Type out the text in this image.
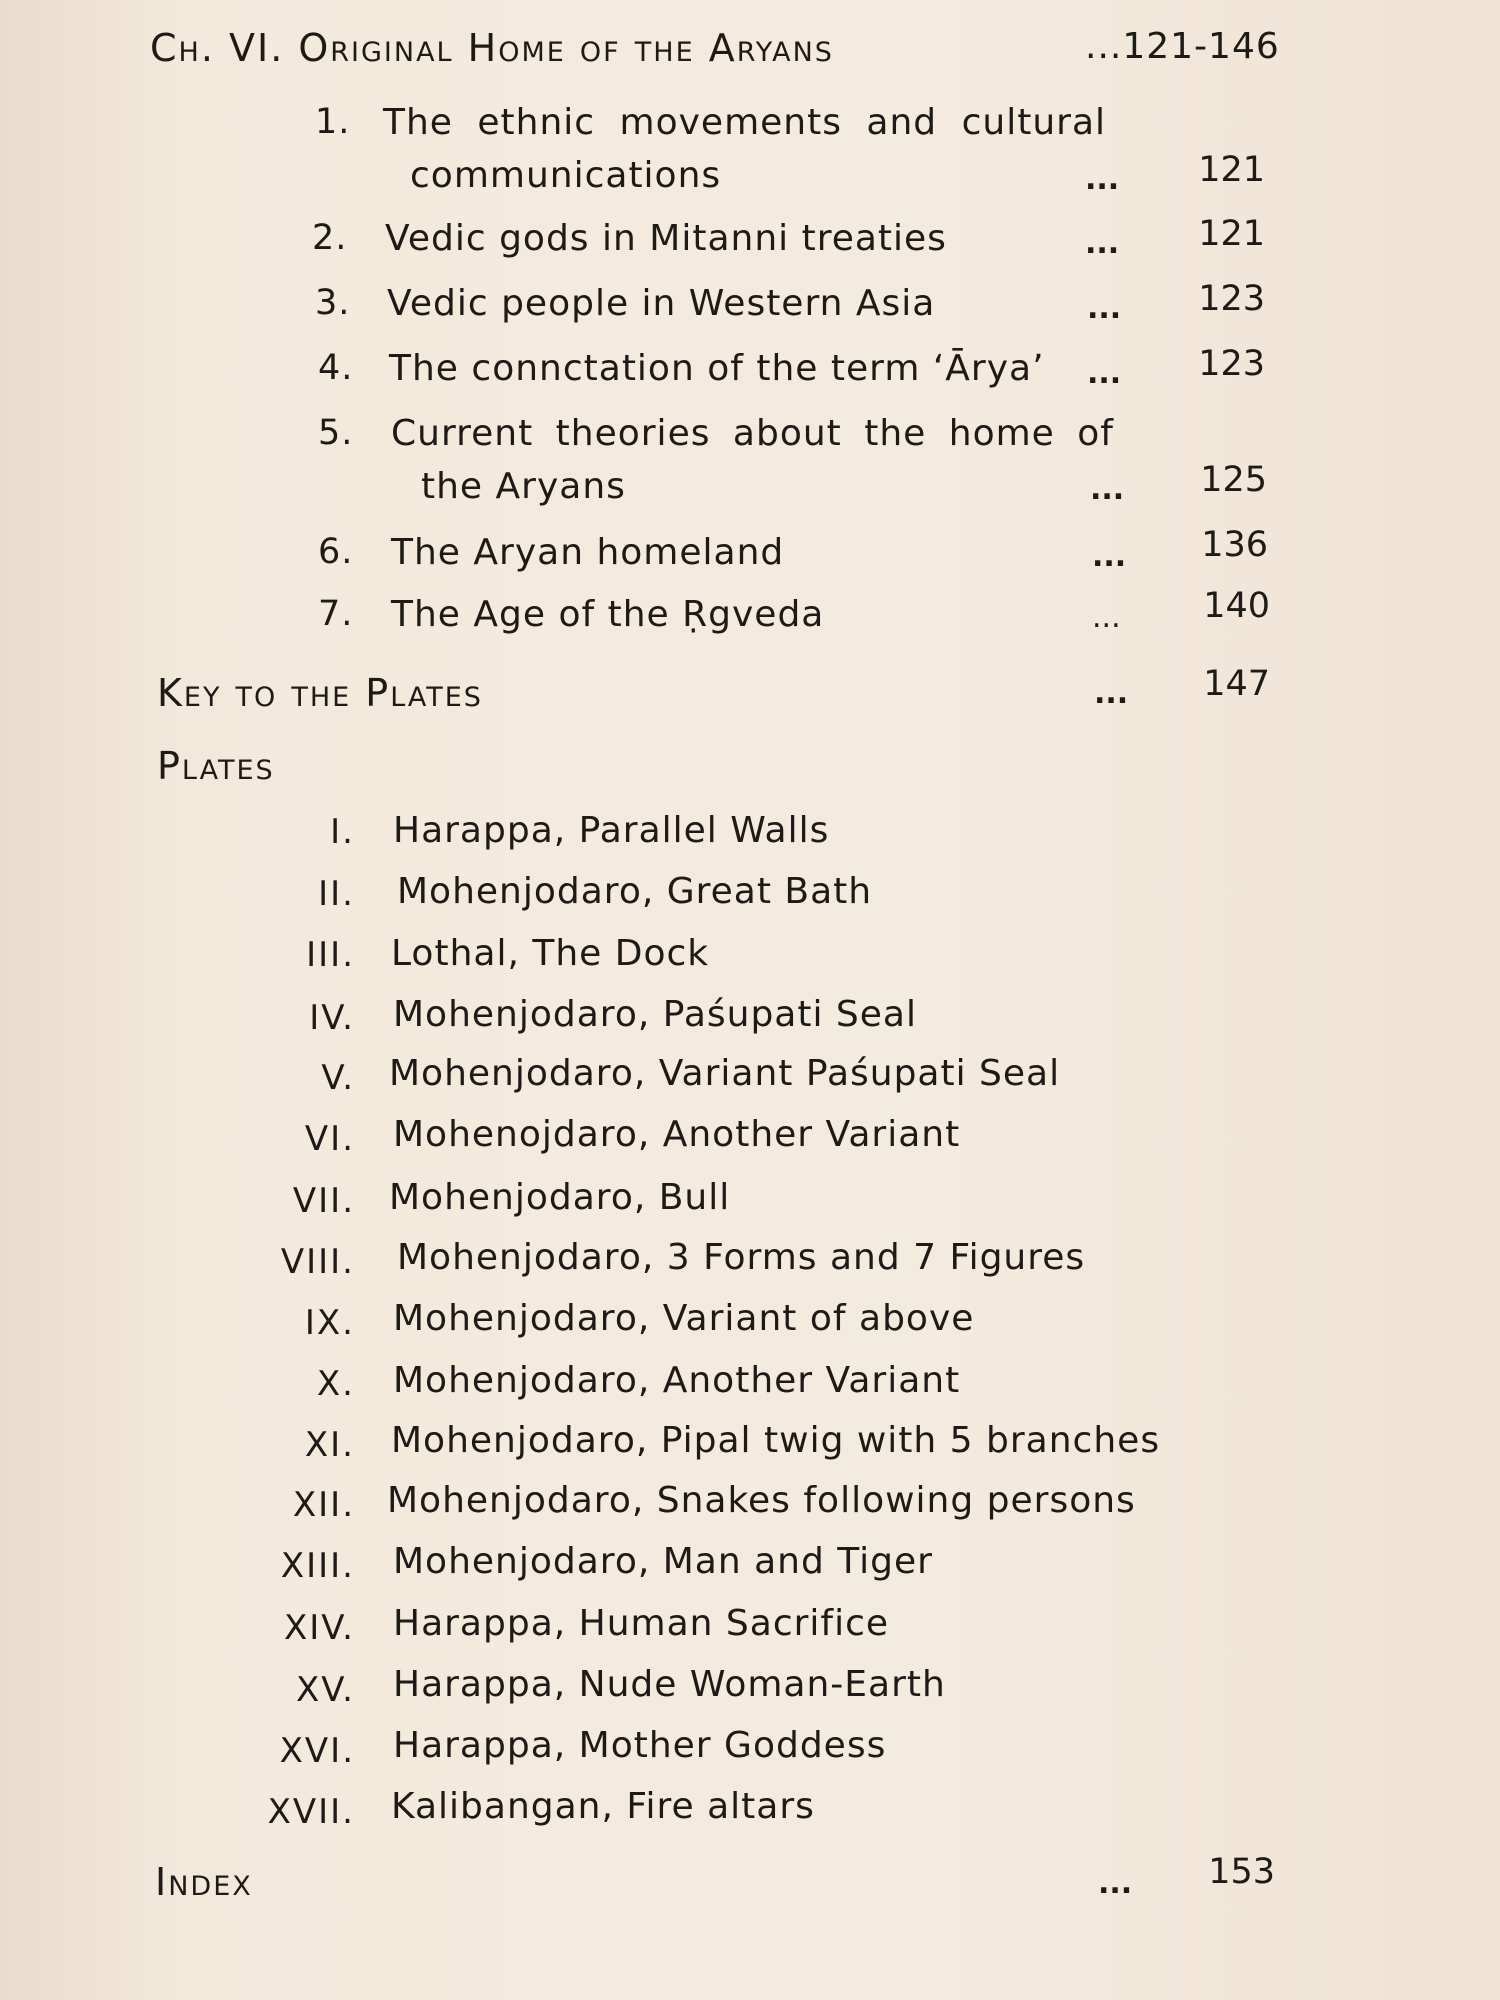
Ch. VI. Original Home of the Aryans	...121-146
1. The ethnic movements and cultural
communications	...	121
2. Vedic gods in Mitanni treaties	...	121
3. Vedic people in Western Asia	...	123
4. The connctation of the term ‘Ārya’ ...	123
5. Current theories about the home of
the Aryans	...	125
6. The Aryan homeland	...	136
7. The Age of the Ṛgveda	...	140
Key to the Plates	...	147
Plates
I. Harappa, Parallel Walls
II. Mohenjodaro, Great Bath
III. Lothal, The Dock
IV. Mohenjodaro, Paśupati Seal
V. Mohenjodaro, Variant Paśupati Seal
VI. Mohenojdaro, Another Variant
VII. Mohenjodaro, Bull
VIII. Mohenjodaro, 3 Forms and 7 Figures
IX. Mohenjodaro, Variant of above
X. Mohenjodaro, Another Variant
XI. Mohenjodaro, Pipal twig with 5 branches
XII. Mohenjodaro, Snakes following persons
XIII. Mohenjodaro, Man and Tiger
XIV. Harappa, Human Sacrifice
XV. Harappa, Nude Woman-Earth
XVI. Harappa, Mother Goddess
XVII. Kalibangan, Fire altars
Index	...	153
